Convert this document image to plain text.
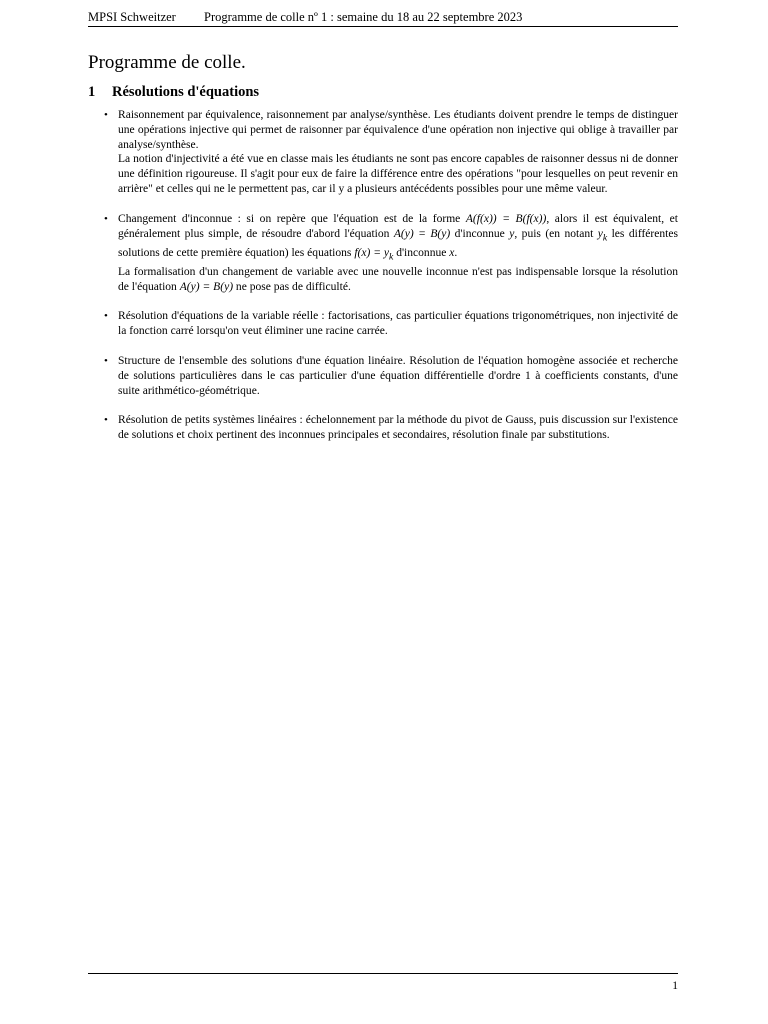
MPSI Schweitzer Programme de colle nº 1 : semaine du 18 au 22 septembre 2023
Programme de colle.
1 Résolutions d'équations
• Raisonnement par équivalence, raisonnement par analyse/synthèse. Les étudiants doivent prendre le temps de distinguer une opérations injective qui permet de raisonner par équivalence d'une opération non injective qui oblige à travailler par analyse/synthèse.

La notion d'injectivité a été vue en classe mais les étudiants ne sont pas encore capables de raisonner dessus ni de donner une définition rigoureuse. Il s'agit pour eux de faire la différence entre des opérations "pour lesquelles on peut revenir en arrière" et celles qui ne le permettent pas, car il y a plusieurs antécédents possibles pour une même valeur.

• Changement d'inconnue : si on repère que l'équation est de la forme A(f(x)) = B(f(x)), alors il est équivalent, et généralement plus simple, de résoudre d'abord l'équation A(y) = B(y) d'inconnue y, puis (en notant $y_k$ les différentes solutions de cette première équation) les équations $f(x) = y_k$ d'inconnue x.

La formalisation d'un changement de variable avec une nouvelle inconnue n'est pas indispensable lorsque la résolution de l'équation A(y) = B(y) ne pose pas de difficulté.

• Résolution d'équations de la variable réelle : factorisations, cas particulier équations trigonométriques, non injectivité de la fonction carré lorsqu'on veut éliminer une racine carrée.

• Structure de l'ensemble des solutions d'une équation linéaire. Résolution de l'équation homogène associée et recherche de solutions particulières dans le cas particulier d'une équation différentielle d'ordre 1 à coefficients constants, d'une suite arithmético-géométrique.

• Résolution de petits systèmes linéaires : échelonnement par la méthode du pivot de Gauss, puis discussion sur l'existence de solutions et choix pertinent des inconnues principales et secondaires, résolution finale par substitutions.

1
